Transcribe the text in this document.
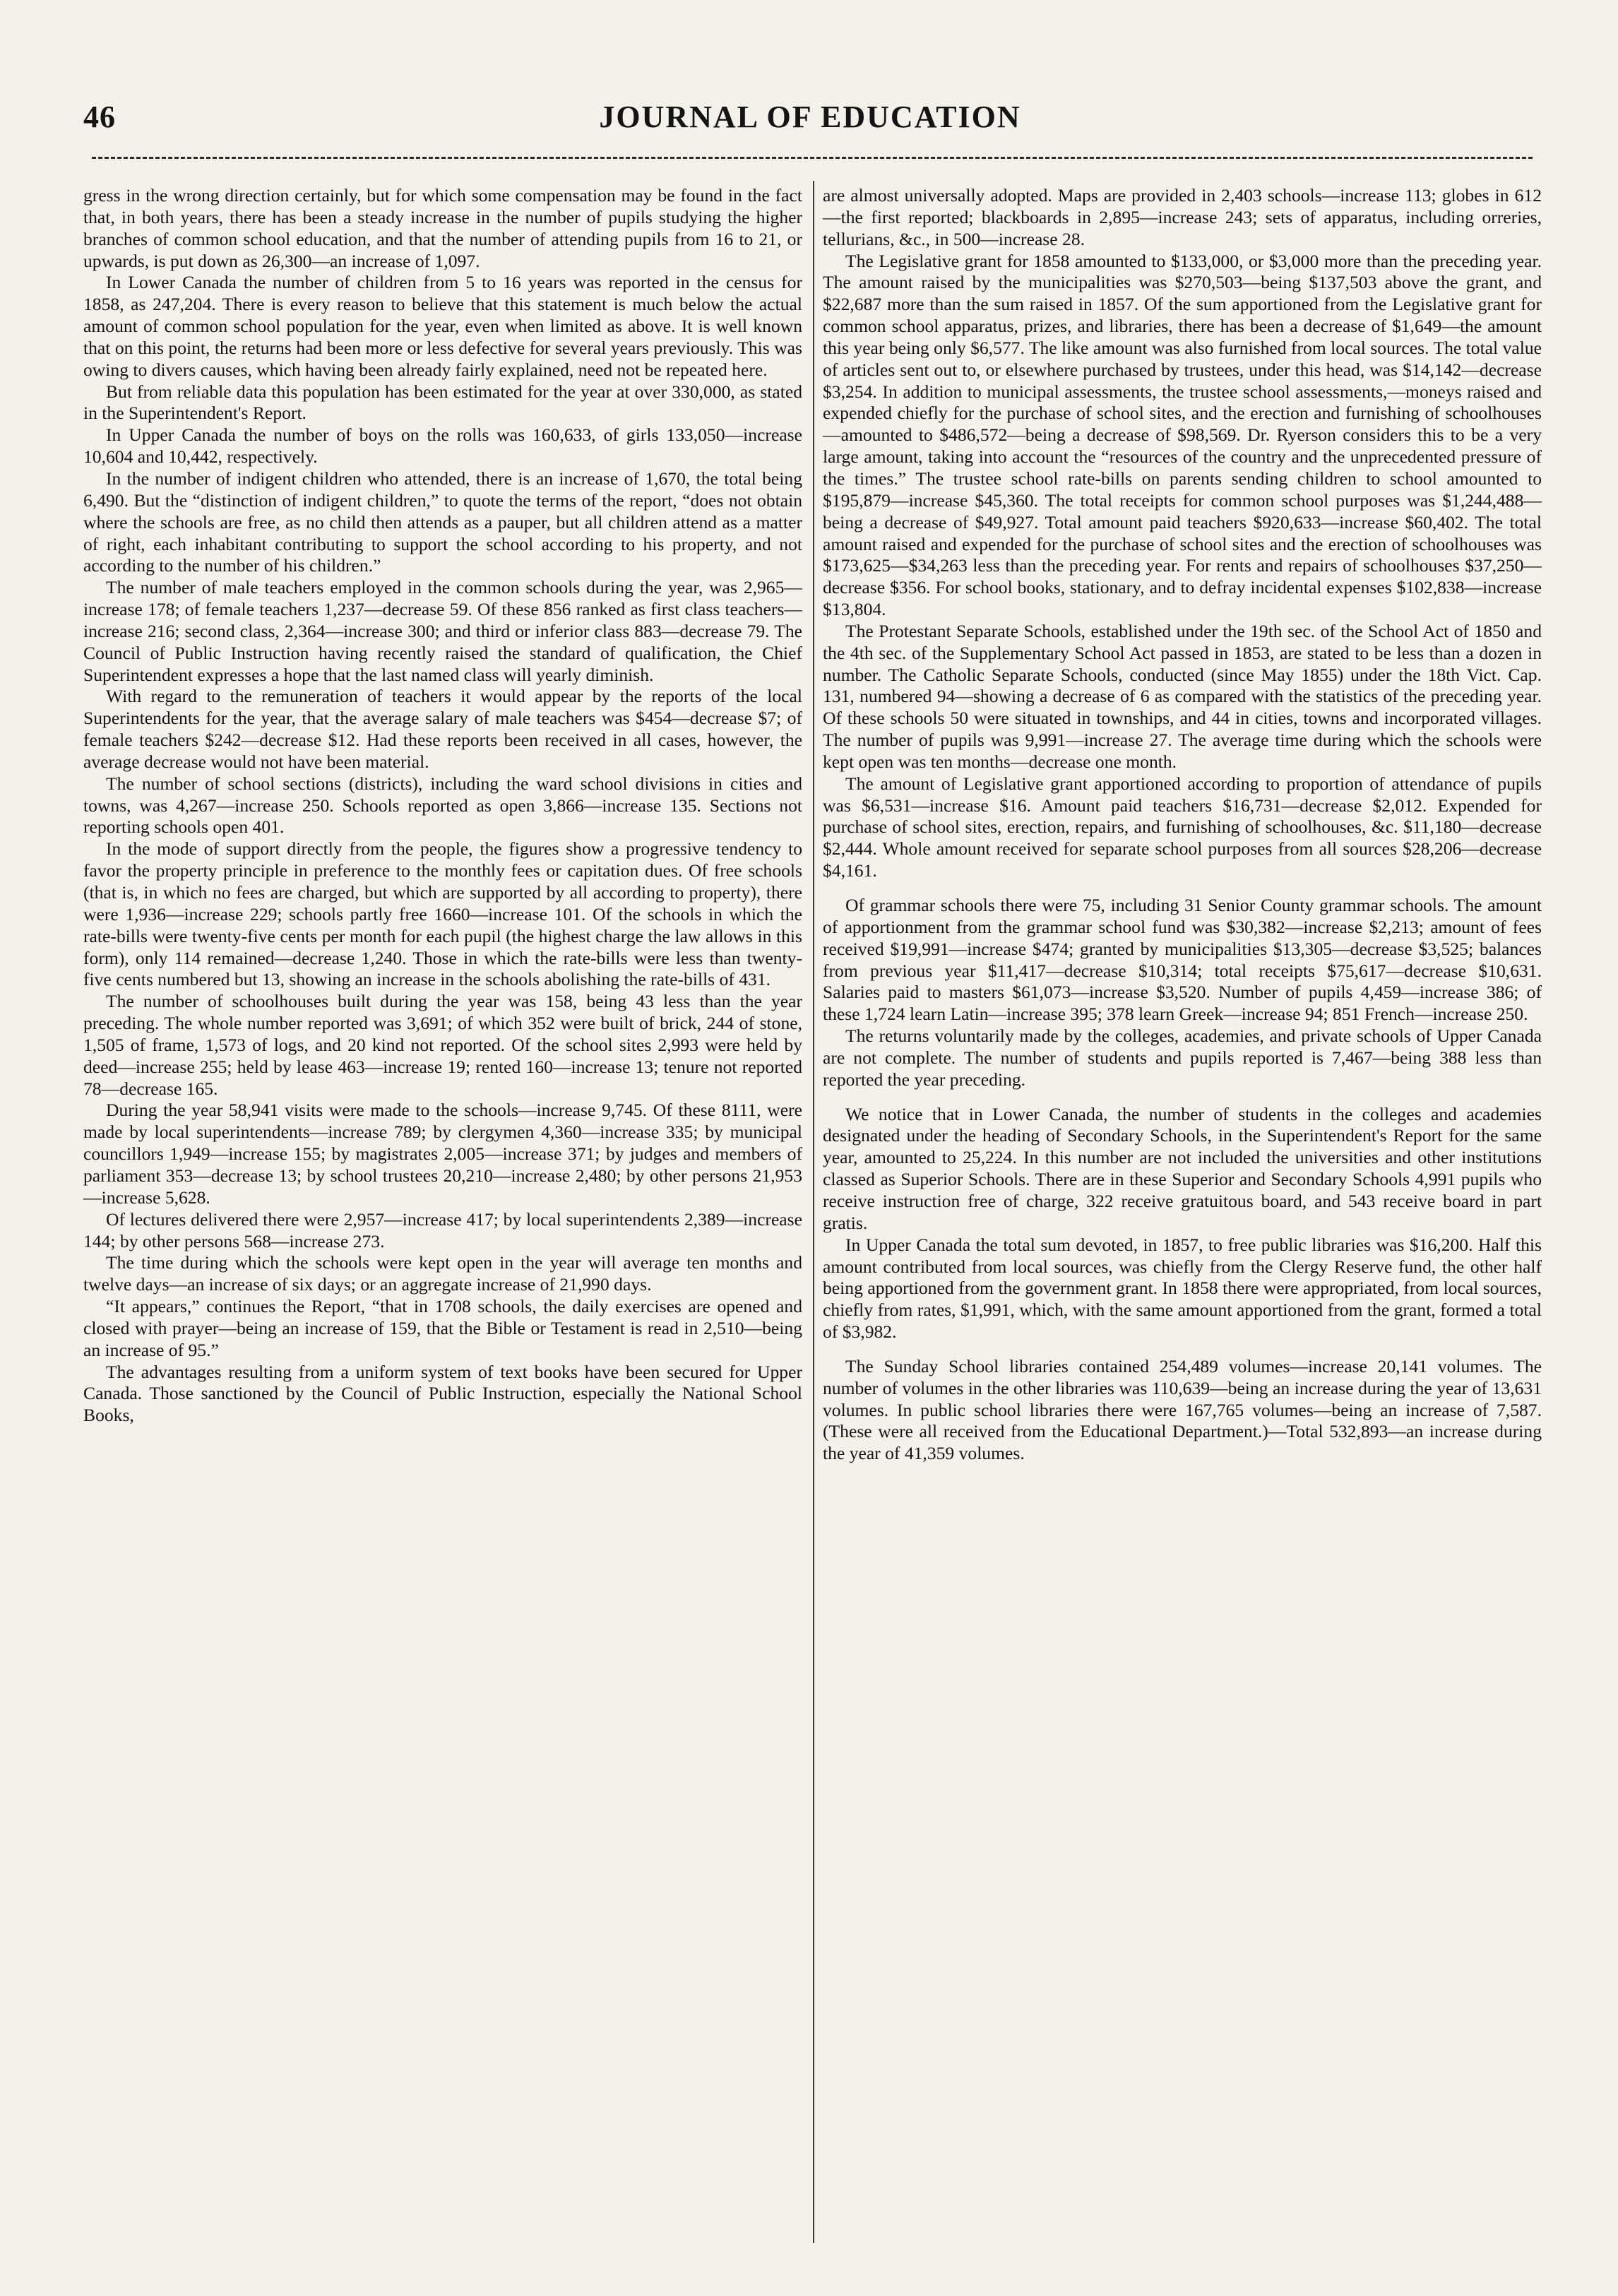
46	JOURNAL OF EDUCATION

gress in the wrong direction certainly, but for which some compensation may be found in the fact that, in both years, there has been a steady increase in the number of pupils studying the higher branches of common school education, and that the number of attending pupils from 16 to 21, or upwards, is put down as 26,300—an increase of 1,097.

In Lower Canada the number of children from 5 to 16 years was reported in the census for 1858, as 247,204. There is every reason to believe that this statement is much below the actual amount of common school population for the year, even when limited as above. It is well known that on this point, the returns had been more or less defective for several years previously. This was owing to divers causes, which having been already fairly explained, need not be repeated here.

But from reliable data this population has been estimated for the year at over 330,000, as stated in the Superintendent's Report.

In Upper Canada the number of boys on the rolls was 160,633, of girls 133,050—increase 10,604 and 10,442, respectively.

In the number of indigent children who attended, there is an increase of 1,670, the total being 6,490. But the “distinction of indigent children,” to quote the terms of the report, “does not obtain where the schools are free, as no child then attends as a pauper, but all children attend as a matter of right, each inhabitant contributing to support the school according to his property, and not according to the number of his children.”

The number of male teachers employed in the common schools during the year, was 2,965—increase 178; of female teachers 1,237—decrease 59. Of these 856 ranked as first class teachers—increase 216; second class, 2,364—increase 300; and third or inferior class 883—decrease 79. The Council of Public Instruction having recently raised the standard of qualification, the Chief Superintendent expresses a hope that the last named class will yearly diminish.

With regard to the remuneration of teachers it would appear by the reports of the local Superintendents for the year, that the average salary of male teachers was $454—decrease $7; of female teachers $242—decrease $12. Had these reports been received in all cases, however, the average decrease would not have been material.

The number of school sections (districts), including the ward school divisions in cities and towns, was 4,267—increase 250. Schools reported as open 3,866—increase 135. Sections not reporting schools open 401.

In the mode of support directly from the people, the figures show a progressive tendency to favor the property principle in preference to the monthly fees or capitation dues. Of free schools (that is, in which no fees are charged, but which are supported by all according to property), there were 1,936—increase 229; schools partly free 1660—increase 101. Of the schools in which the rate-bills were twenty-five cents per month for each pupil (the highest charge the law allows in this form), only 114 remained—decrease 1,240. Those in which the rate-bills were less than twenty-five cents numbered but 13, showing an increase in the schools abolishing the rate-bills of 431.

The number of schoolhouses built during the year was 158, being 43 less than the year preceding. The whole number reported was 3,691; of which 352 were built of brick, 244 of stone, 1,505 of frame, 1,573 of logs, and 20 kind not reported. Of the school sites 2,993 were held by deed—increase 255; held by lease 463—increase 19; rented 160—increase 13; tenure not reported 78—decrease 165.

During the year 58,941 visits were made to the schools—increase 9,745. Of these 8111, were made by local superintendents—increase 789; by clergymen 4,360—increase 335; by municipal councillors 1,949—increase 155; by magistrates 2,005—increase 371; by judges and members of parliament 353—decrease 13; by school trustees 20,210—increase 2,480; by other persons 21,953—increase 5,628.

Of lectures delivered there were 2,957—increase 417; by local superintendents 2,389—increase 144; by other persons 568—increase 273.

The time during which the schools were kept open in the year will average ten months and twelve days—an increase of six days; or an aggregate increase of 21,990 days.

“It appears,” continues the Report, “that in 1708 schools, the daily exercises are opened and closed with prayer—being an increase of 159, that the Bible or Testament is read in 2,510—being an increase of 95.”

The advantages resulting from a uniform system of text books have been secured for Upper Canada. Those sanctioned by the Council of Public Instruction, especially the National School Books,

are almost universally adopted. Maps are provided in 2,403 schools—increase 113; globes in 612—the first reported; blackboards in 2,895—increase 243; sets of apparatus, including orreries, tellurians, &c., in 500—increase 28.

The Legislative grant for 1858 amounted to $133,000, or $3,000 more than the preceding year. The amount raised by the municipalities was $270,503—being $137,503 above the grant, and $22,687 more than the sum raised in 1857. Of the sum apportioned from the Legislative grant for common school apparatus, prizes, and libraries, there has been a decrease of $1,649—the amount this year being only $6,577. The like amount was also furnished from local sources. The total value of articles sent out to, or elsewhere purchased by trustees, under this head, was $14,142—decrease $3,254. In addition to municipal assessments, the trustee school assessments,—moneys raised and expended chiefly for the purchase of school sites, and the erection and furnishing of schoolhouses—amounted to $486,572—being a decrease of $98,569. Dr. Ryerson considers this to be a very large amount, taking into account the “resources of the country and the unprecedented pressure of the times.” The trustee school rate-bills on parents sending children to school amounted to $195,879—increase $45,360. The total receipts for common school purposes was $1,244,488—being a decrease of $49,927. Total amount paid teachers $920,633—increase $60,402. The total amount raised and expended for the purchase of school sites and the erection of schoolhouses was $173,625—$34,263 less than the preceding year. For rents and repairs of schoolhouses $37,250—decrease $356. For school books, stationary, and to defray incidental expenses $102,838—increase $13,804.

The Protestant Separate Schools, established under the 19th sec. of the School Act of 1850 and the 4th sec. of the Supplementary School Act passed in 1853, are stated to be less than a dozen in number. The Catholic Separate Schools, conducted (since May 1855) under the 18th Vict. Cap. 131, numbered 94—showing a decrease of 6 as compared with the statistics of the preceding year. Of these schools 50 were situated in townships, and 44 in cities, towns and incorporated villages. The number of pupils was 9,991—increase 27. The average time during which the schools were kept open was ten months—decrease one month.

The amount of Legislative grant apportioned according to proportion of attendance of pupils was $6,531—increase $16. Amount paid teachers $16,731—decrease $2,012. Expended for purchase of school sites, erection, repairs, and furnishing of schoolhouses, &c. $11,180—decrease $2,444. Whole amount received for separate school purposes from all sources $28,206—decrease $4,161.

Of grammar schools there were 75, including 31 Senior County grammar schools. The amount of apportionment from the grammar school fund was $30,382—increase $2,213; amount of fees received $19,991—increase $474; granted by municipalities $13,305—decrease $3,525; balances from previous year $11,417—decrease $10,314; total receipts $75,617—decrease $10,631. Salaries paid to masters $61,073—increase $3,520. Number of pupils 4,459—increase 386; of these 1,724 learn Latin—increase 395; 378 learn Greek—increase 94; 851 French—increase 250.

The returns voluntarily made by the colleges, academies, and private schools of Upper Canada are not complete. The number of students and pupils reported is 7,467—being 388 less than reported the year preceding.

We notice that in Lower Canada, the number of students in the colleges and academies designated under the heading of Secondary Schools, in the Superintendent's Report for the same year, amounted to 25,224. In this number are not included the universities and other institutions classed as Superior Schools. There are in these Superior and Secondary Schools 4,991 pupils who receive instruction free of charge, 322 receive gratuitous board, and 543 receive board in part gratis.

In Upper Canada the total sum devoted, in 1857, to free public libraries was $16,200. Half this amount contributed from local sources, was chiefly from the Clergy Reserve fund, the other half being apportioned from the government grant. In 1858 there were appropriated, from local sources, chiefly from rates, $1,991, which, with the same amount apportioned from the grant, formed a total of $3,982.

The Sunday School libraries contained 254,489 volumes—increase 20,141 volumes. The number of volumes in the other libraries was 110,639—being an increase during the year of 13,631 volumes. In public school libraries there were 167,765 volumes—being an increase of 7,587. (These were all received from the Educational Department.)—Total 532,893—an increase during the year of 41,359 volumes.
